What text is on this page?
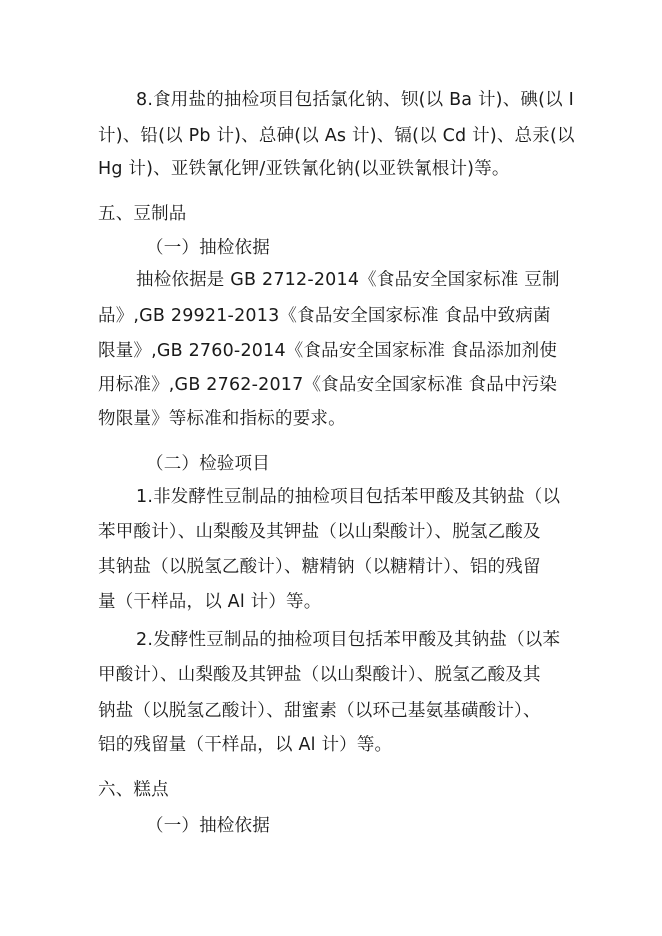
8.食用盐的抽检项目包括氯化钠、钡(以 Ba 计)、碘(以 I
计)、铅(以 Pb 计)、总砷(以 As 计)、镉(以 Cd 计)、总汞(以
Hg 计)、亚铁氰化钾/亚铁氰化钠(以亚铁氰根计)等。
五、豆制品
（一）抽检依据
抽检依据是 GB 2712-2014《食品安全国家标准 豆制
品》,GB 29921-2013《食品安全国家标准 食品中致病菌
限量》,GB 2760-2014《食品安全国家标准 食品添加剂使
用标准》,GB 2762-2017《食品安全国家标准 食品中污染
物限量》等标准和指标的要求。
（二）检验项目
1.非发酵性豆制品的抽检项目包括苯甲酸及其钠盐（以
苯甲酸计）、山梨酸及其钾盐（以山梨酸计）、脱氢乙酸及
其钠盐（以脱氢乙酸计）、糖精钠（以糖精计）、铝的残留
量（干样品，以 Al 计）等。
2.发酵性豆制品的抽检项目包括苯甲酸及其钠盐（以苯
甲酸计）、山梨酸及其钾盐（以山梨酸计）、脱氢乙酸及其
钠盐（以脱氢乙酸计）、甜蜜素（以环己基氨基磺酸计）、
铝的残留量（干样品，以 Al 计）等。
六、糕点
（一）抽检依据
